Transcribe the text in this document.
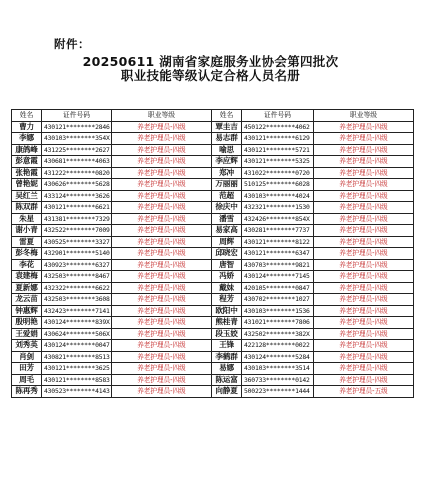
附件：
20250611 湖南省家庭服务业协会第四批次
职业技能等级认定合格人员名册
姓名	证件号码	职业等级	姓名	证件号码	职业等级
曹力	430121********2846	养老护理员-四级	覃圭吉	450122********4062	养老护理员-四级
李娜	430103********354X	养老护理员-四级	易志群	430121********6129	养老护理员-四级
康鸽峰	431225********2627	养老护理员-四级	喻思	430121********5721	养老护理员-四级
彭意霞	430681********4063	养老护理员-四级	李应辉	430121********5325	养老护理员-四级
张艳霞	431222********0820	养老护理员-四级	郑冲	431022********0720	养老护理员-四级
曾艳妮	430626********5628	养老护理员-四级	万丽丽	510125********6028	养老护理员-四级
吴红兰	433124********3626	养老护理员-四级	范超	430103********4024	养老护理员-四级
陈双群	430121********6621	养老护理员-四级	徐庆中	432321********1530	养老护理员-四级
朱星	431381********7329	养老护理员-四级	潘雪	432426********854X	养老护理员-四级
谢小青	432522********7009	养老护理员-四级	易家高	430281********7737	养老护理员-四级
雷夏	430525********3327	养老护理员-四级	周辉	430121********8122	养老护理员-四级
彭冬梅	432901********5140	养老护理员-四级	邱晓宏	430121********6347	养老护理员-四级
李花	430923********6327	养老护理员-四级	唐智	430703********9821	养老护理员-四级
袁建梅	432503********8467	养老护理员-四级	冯娇	430124********7145	养老护理员-四级
夏新娜	432322********6622	养老护理员-四级	戴妹	420105********0847	养老护理员-四级
龙云苗	432503********3608	养老护理员-四级	程芳	430702********1027	养老护理员-四级
钟惠辉	432423********7141	养老护理员-四级	欧阳中	430103********1536	养老护理员-四级
殷明艳	430124********839X	养老护理员-四级	熊桂青	431021********7806	养老护理员-四级
王爱娟	430624********506X	养老护理员-四级	段玉姣	432502********382X	养老护理员-四级
刘秀英	430124********0047	养老护理员-四级	王锋	422128********0022	养老护理员-四级
肖剑	430821********8513	养老护理员-四级	李鹤群	430124********5284	养老护理员-四级
田芳	430121********3625	养老护理员-四级	易娜	430103********3514	养老护理员-四级
周毛	430121********8583	养老护理员-四级	陈运富	360733********0142	养老护理员-四级
陈再秀	430523********4143	养老护理员-四级	向静夏	500223********1444	养老护理员-五级
